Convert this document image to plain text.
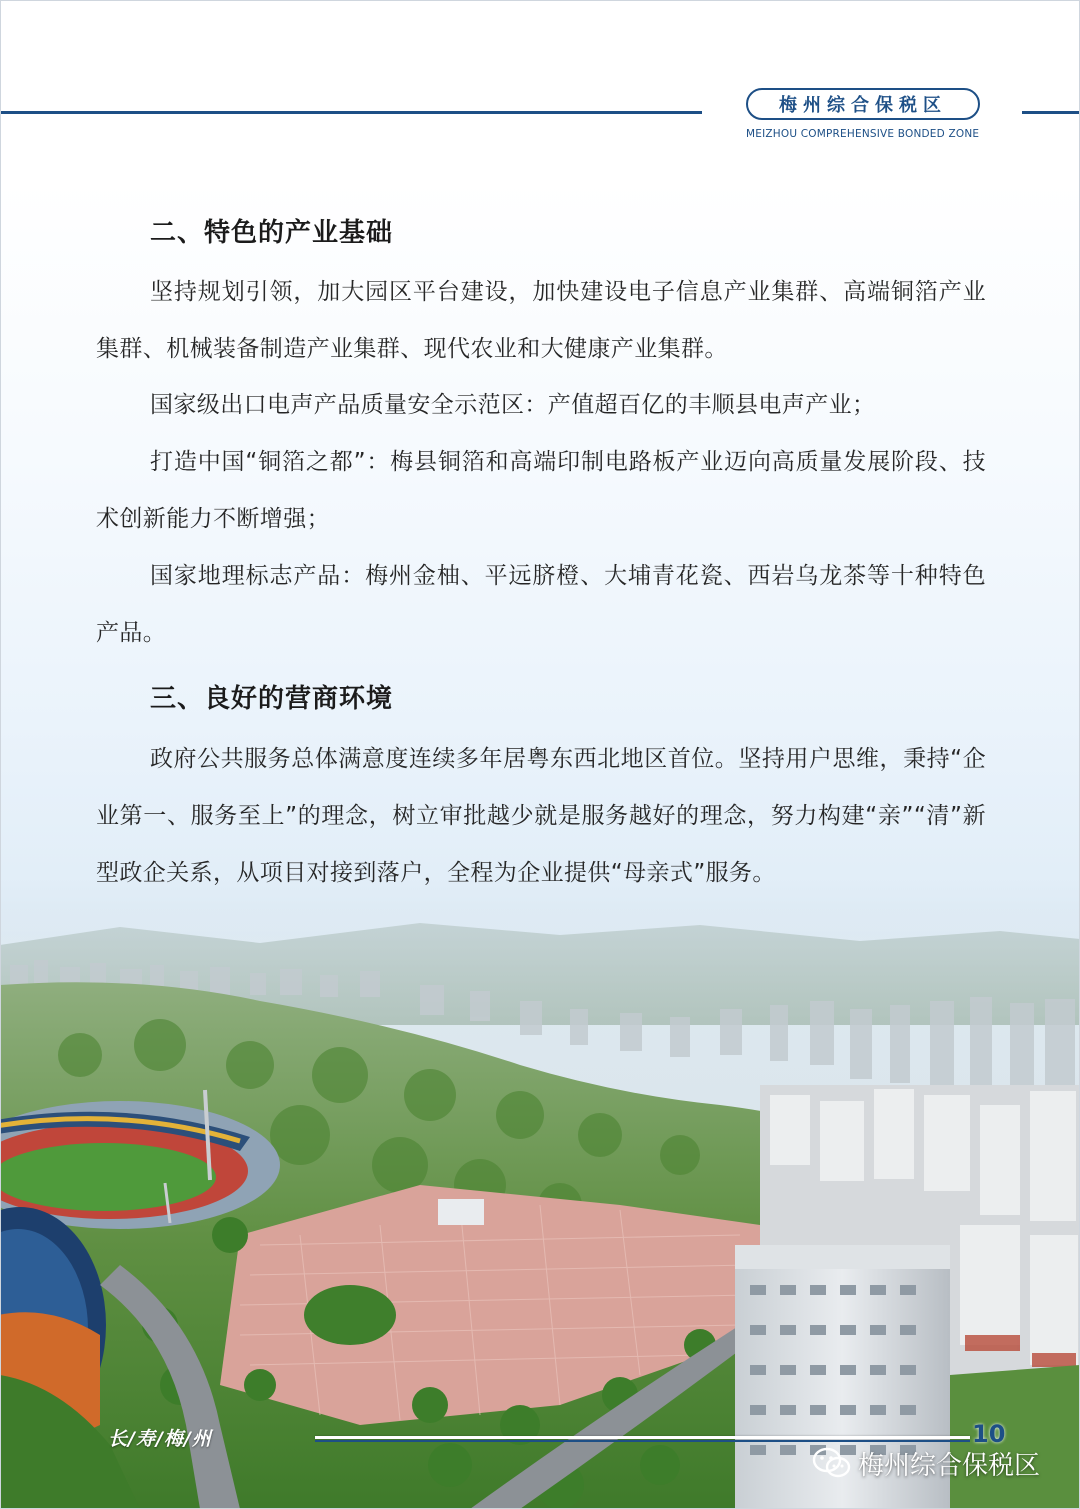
梅州综合保税区
MEIZHOU COMPREHENSIVE BONDED ZONE
二、特色的产业基础
坚持规划引领，加大园区平台建设，加快建设电子信息产业集群、高端铜箔产业集群、机械装备制造产业集群、现代农业和大健康产业集群。
国家级出口电声产品质量安全示范区：产值超百亿的丰顺县电声产业；
打造中国“铜箔之都”：梅县铜箔和高端印制电路板产业迈向高质量发展阶段、技术创新能力不断增强；
国家地理标志产品：梅州金柚、平远脐橙、大埔青花瓷、西岩乌龙茶等十种特色产品。
三、良好的营商环境
政府公共服务总体满意度连续多年居粤东西北地区首位。坚持用户思维，秉持“企业第一、服务至上”的理念，树立审批越少就是服务越好的理念，努力构建“亲”“清”新型政企关系，从项目对接到落户，全程为企业提供“母亲式”服务。
长/寿/梅/州	10
梅州综合保税区
